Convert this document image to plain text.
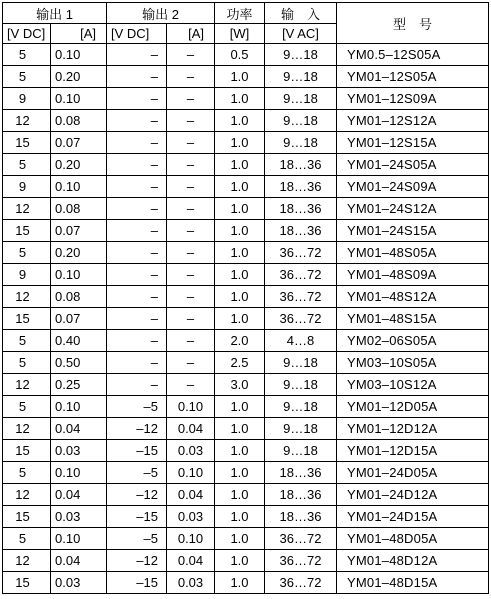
输出 1		输出 2		功率	输　入	型　号
[V DC]	[A]	[V DC]	[A]	[W]	[V AC]	
5	0.10	–	–	0.5	9…18	YM0.5–12S05A
5	0.20	–	–	1.0	9…18	YM01–12S05A
9	0.10	–	–	1.0	9…18	YM01–12S09A
12	0.08	–	–	1.0	9…18	YM01–12S12A
15	0.07	–	–	1.0	9…18	YM01–12S15A
5	0.20	–	–	1.0	18…36	YM01–24S05A
9	0.10	–	–	1.0	18…36	YM01–24S09A
12	0.08	–	–	1.0	18…36	YM01–24S12A
15	0.07	–	–	1.0	18…36	YM01–24S15A
5	0.20	–	–	1.0	36…72	YM01–48S05A
9	0.10	–	–	1.0	36…72	YM01–48S09A
12	0.08	–	–	1.0	36…72	YM01–48S12A
15	0.07	–	–	1.0	36…72	YM01–48S15A
5	0.40	–	–	2.0	4…8	YM02–06S05A
5	0.50	–	–	2.5	9…18	YM03–10S05A
12	0.25	–	–	3.0	9…18	YM03–10S12A
5	0.10	–5	0.10	1.0	9…18	YM01–12D05A
12	0.04	–12	0.04	1.0	9…18	YM01–12D12A
15	0.03	–15	0.03	1.0	9…18	YM01–12D15A
5	0.10	–5	0.10	1.0	18…36	YM01–24D05A
12	0.04	–12	0.04	1.0	18…36	YM01–24D12A
15	0.03	–15	0.03	1.0	18…36	YM01–24D15A
5	0.10	–5	0.10	1.0	36…72	YM01–48D05A
12	0.04	–12	0.04	1.0	36…72	YM01–48D12A
15	0.03	–15	0.03	1.0	36…72	YM01–48D15A
